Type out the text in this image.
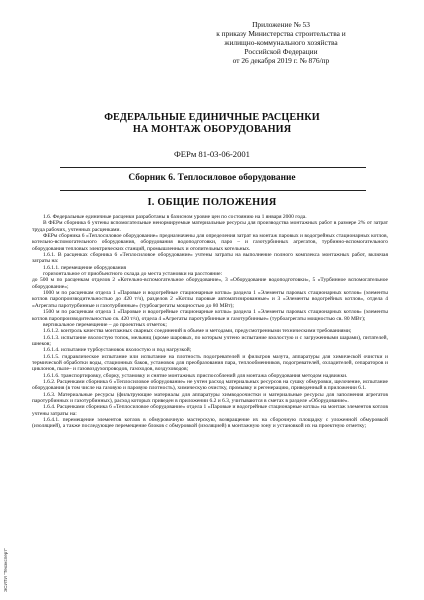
Приложение № 53
к приказу Министерства строительства и
жилищно-коммунального хозяйства
Российской Федерации
от 26 декабря 2019 г. № 876/пр
ФЕДЕРАЛЬНЫЕ ЕДИНИЧНЫЕ РАСЦЕНКИ
НА МОНТАЖ ОБОРУДОВАНИЯ
ФЕРм 81-03-06-2001
Сборник 6. Теплосиловое оборудование
I. ОБЩИЕ ПОЛОЖЕНИЯ

1.6. Федеральные единичные расценки разработаны в базисном уровне цен по состоянию на 1 января 2000 года.

В ФЕРм сборника 6 учтены вспомогательные ненормируемые материальные ресурсы для производства монтажных работ в размере 2% от затрат труда рабочих, учтенных расценками.

ФЕРм сборника 6 «Теплосиловое оборудование» предназначены для определения затрат на монтаж паровых и водогрейных стационарных котлов, котельно-вспомогательного оборудования, оборудования водоподготовки, паро – и газотурбинных агрегатов, турбинно-вспомогательного оборудования тепловых электрических станций, промышленных и отопительных котельных.

1.6.1. В расценках сборника 6 «Теплосиловое оборудование» учтены затраты на выполнение полного комплекса монтажных работ, включая затраты на:

1.6.1.1. перемещение оборудования

горизонтальное от приобъектного склада до места установки на расстояние:

до 500 м по расценкам отделов 2 «Котельно-вспомогательное оборудование», 3 «Оборудование водоподготовки», 5 «Турбинное вспомогательное оборудование»;

1000 м по расценкам отдела 1 «Паровые и водогрейные стационарные котлы» раздела 1 «Элементы паровых стационарных котлов» (элементы котлов паропроизводительностью до 420 т/ч), разделов 2 «Котлы паровые автоматизированные» и 3 «Элементы водогрейных котлов», отдела 4 «Агрегаты паротурбинные и газотурбинные» (турбоагрегаты мощностью до 80 МВт);

1500 м по расценкам отдела 1 «Паровые и водогрейные стационарные котлы» раздела 1 «Элементы паровых стационарных котлов» (элементы котлов паропроизводительностью св. 420 т/ч), отдела 4 «Агрегаты паротурбинные и газотурбинные» (турбоагрегаты мощностью св. 80 МВт);

вертикальное перемещение – до проектных отметок;

1.6.1.2. контроль качества монтажных сварных соединений в объеме и методами, предусмотренными техническими требованиями;

1.6.1.3. испытание вхолостую топок, мельниц (кроме шаровых, по которым учтено испытание вхолостую и с загруженными шарами), питателей, шнеков;

1.6.1.4. испытание турбоустановок вхолостую и под нагрузкой;

1.6.1.5. гидравлическое испытание или испытание на плотность подогревателей и фильтров мазута, аппаратуры для химической очистки и термической обработки воды, стационных баков, установок для преобразования пара, теплообменников, подогревателей, охладителей, сепараторов и циклонов, пыле– и газовоздухопроводов, газоходов, воздуховодов;

1.6.1.6. транспортировку, сборку, установку и снятие монтажных приспособлений для монтажа оборудования методом надвижки.

1.6.2. Расценками сборника 6 «Теплосиловое оборудование» не учтен расход материальных ресурсов на сушку обмуровки, щелочение, испытание оборудования (в том числе на газовую и паровую плотность), химическую очистку, промывку и регенерацию, приведенный в приложении 6.1.

1.6.3. Материальные ресурсы (фильтрующие материалы для аппаратуры химводоочистки и материальные ресурсы для заполнения агрегатов паротурбинных и газотурбинных), расход которых приведен в приложении 6.2 и 6.3, учитываются в сметах в разделе «Оборудование».

1.6.4. Расценками сборника 6 «Теплосиловое оборудование» отдела 1 «Паровые и водогрейные стационарные котлы» на монтаж элементов котлов учтены затраты на:

1.6.4.1. перемещение элементов котлов в обмуровочную мастерскую, возвращение их на сборочную площадку с уложенной обмуровкой (изоляцией), а также последующее перемещение блоков с обмуровкой (изоляцией) в монтажную зону и установкой их на проектную отметку;

ЭСИТИ "Техэксперт"
